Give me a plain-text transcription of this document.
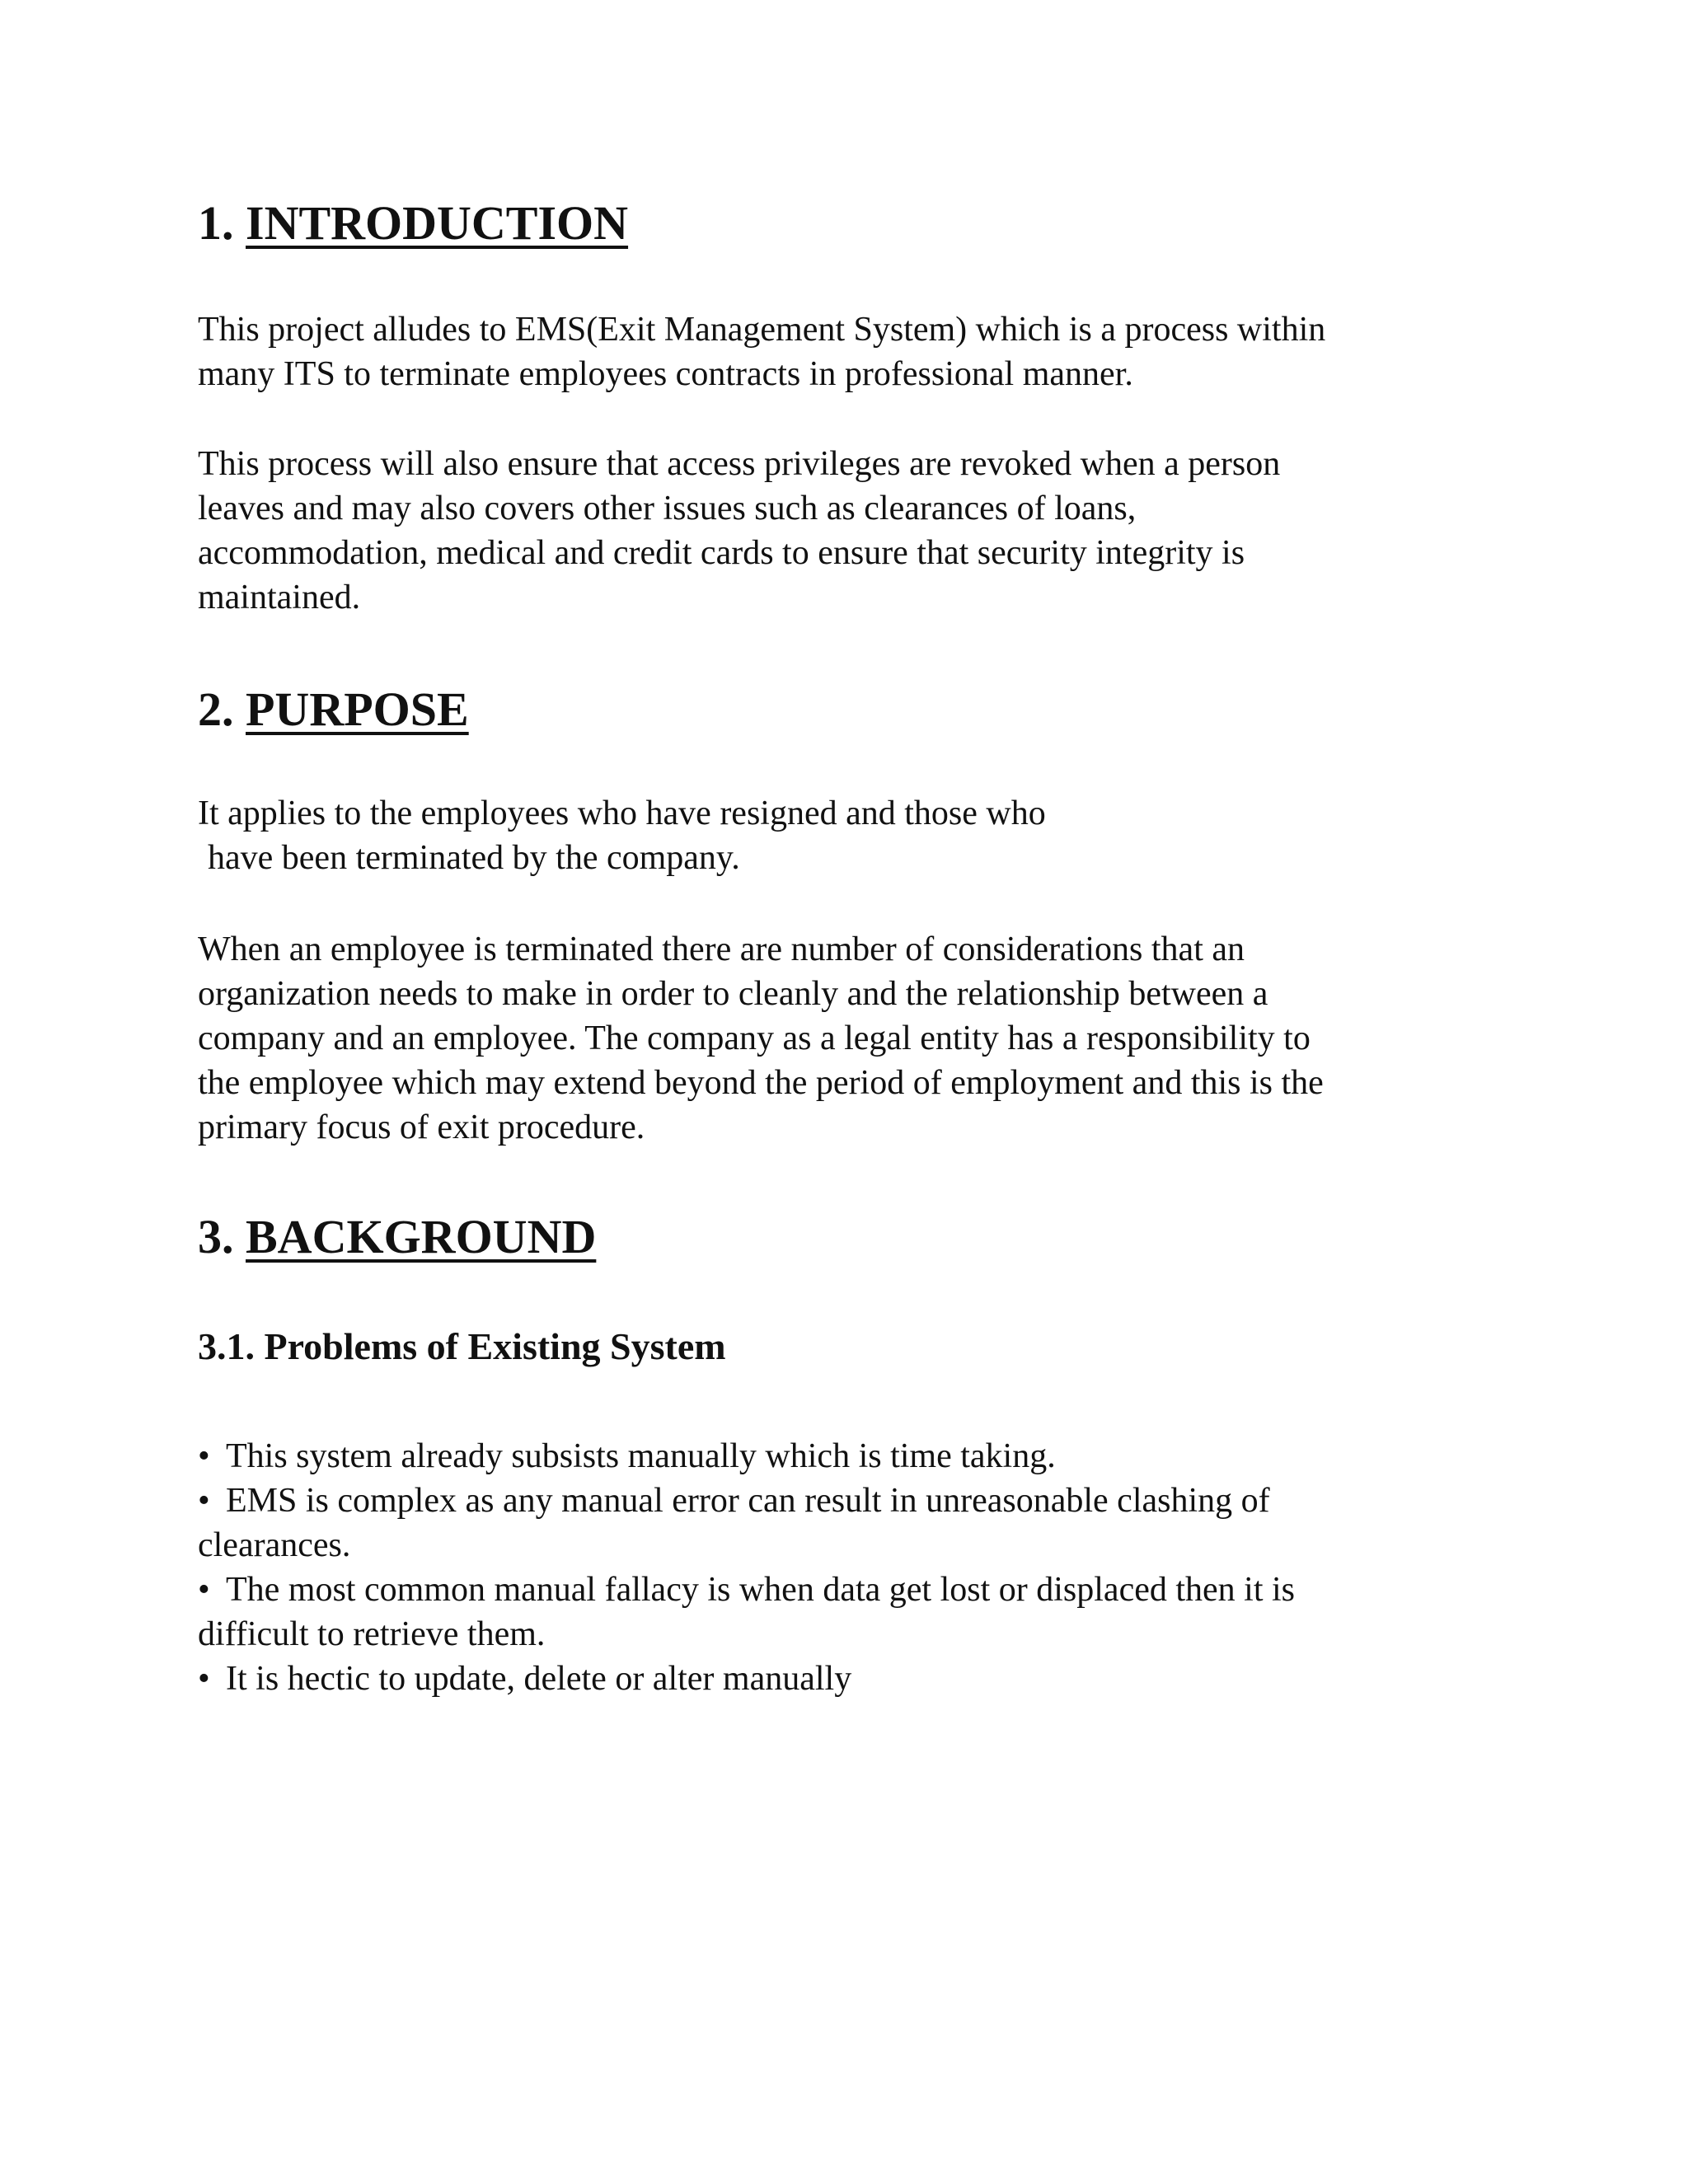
1. INTRODUCTION
This project alludes to EMS(Exit Management System) which is a process within
many ITS to terminate employees contracts in professional manner.
This process will also ensure that access privileges are revoked when a person
leaves and may also covers other issues such as clearances of loans,
accommodation, medical and credit cards to ensure that security integrity is
maintained.
2. PURPOSE
It applies to the employees who have resigned and those who
have been terminated by the company.
When an employee is terminated there are number of considerations that an
organization needs to make in order to cleanly and the relationship between a
company and an employee. The company as a legal entity has a responsibility to
the employee which may extend beyond the period of employment and this is the
primary focus of exit procedure.
3. BACKGROUND
3.1. Problems of Existing System
• This system already subsists manually which is time taking.
• EMS is complex as any manual error can result in unreasonable clashing of
clearances.
• The most common manual fallacy is when data get lost or displaced then it is
difficult to retrieve them.
• It is hectic to update, delete or alter manually
